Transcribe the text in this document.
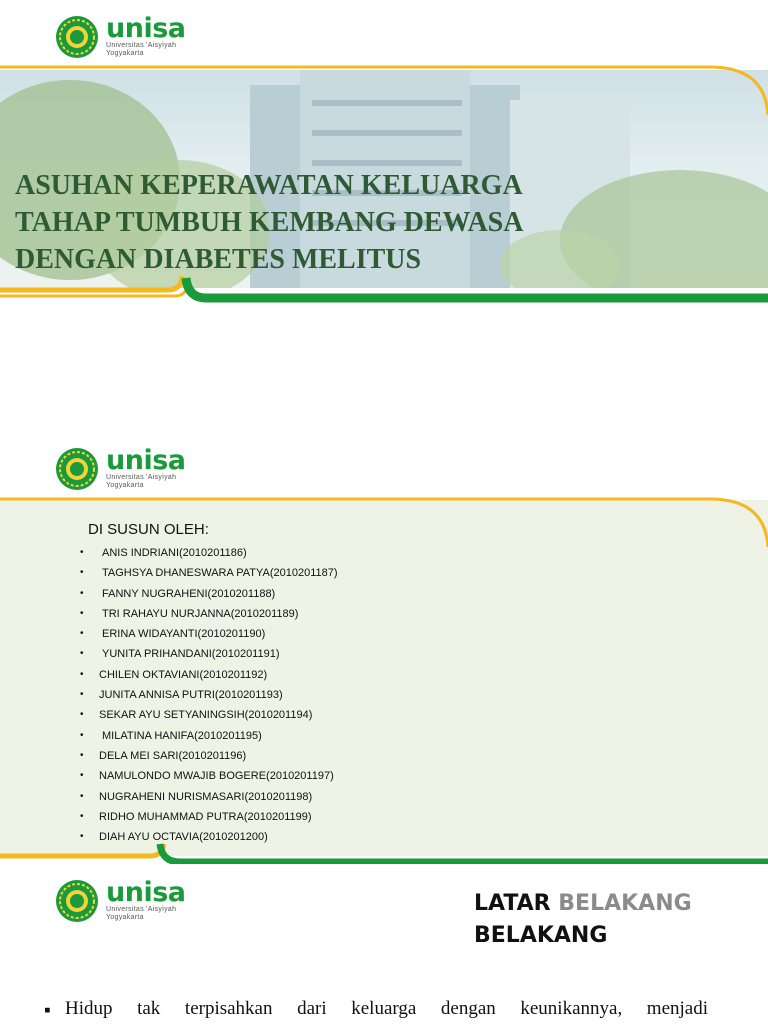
unisa
Universitas 'Aisyiyah
Yogyakarta
ASUHAN KEPERAWATAN KELUARGA
TAHAP TUMBUH KEMBANG DEWASA
DENGAN DIABETES MELITUS
unisa
Universitas 'Aisyiyah
Yogyakarta
DI SUSUN OLEH:
• ANIS INDRIANI(2010201186)
• TAGHSYA DHANESWARA PATYA(2010201187)
• FANNY NUGRAHENI(2010201188)
• TRI RAHAYU NURJANNA(2010201189)
• ERINA WIDAYANTI(2010201190)
• YUNITA PRIHANDANI(2010201191)
• CHILEN OKTAVIANI(2010201192)
• JUNITA ANNISA PUTRI(2010201193)
• SEKAR AYU SETYANINGSIH(2010201194)
• MILATINA HANIFA(2010201195)
• DELA MEI SARI(2010201196)
• NAMULONDO MWAJIB BOGERE(2010201197)
• NUGRAHENI NURISMASARI(2010201198)
• RIDHO MUHAMMAD PUTRA(2010201199)
• DIAH AYU OCTAVIA(2010201200)
unisa
Universitas 'Aisyiyah
Yogyakarta
LATAR BELAKANG
BELAKANG
▪ Hidup tak terpisahkan dari keluarga dengan keunikannya, menjadi
